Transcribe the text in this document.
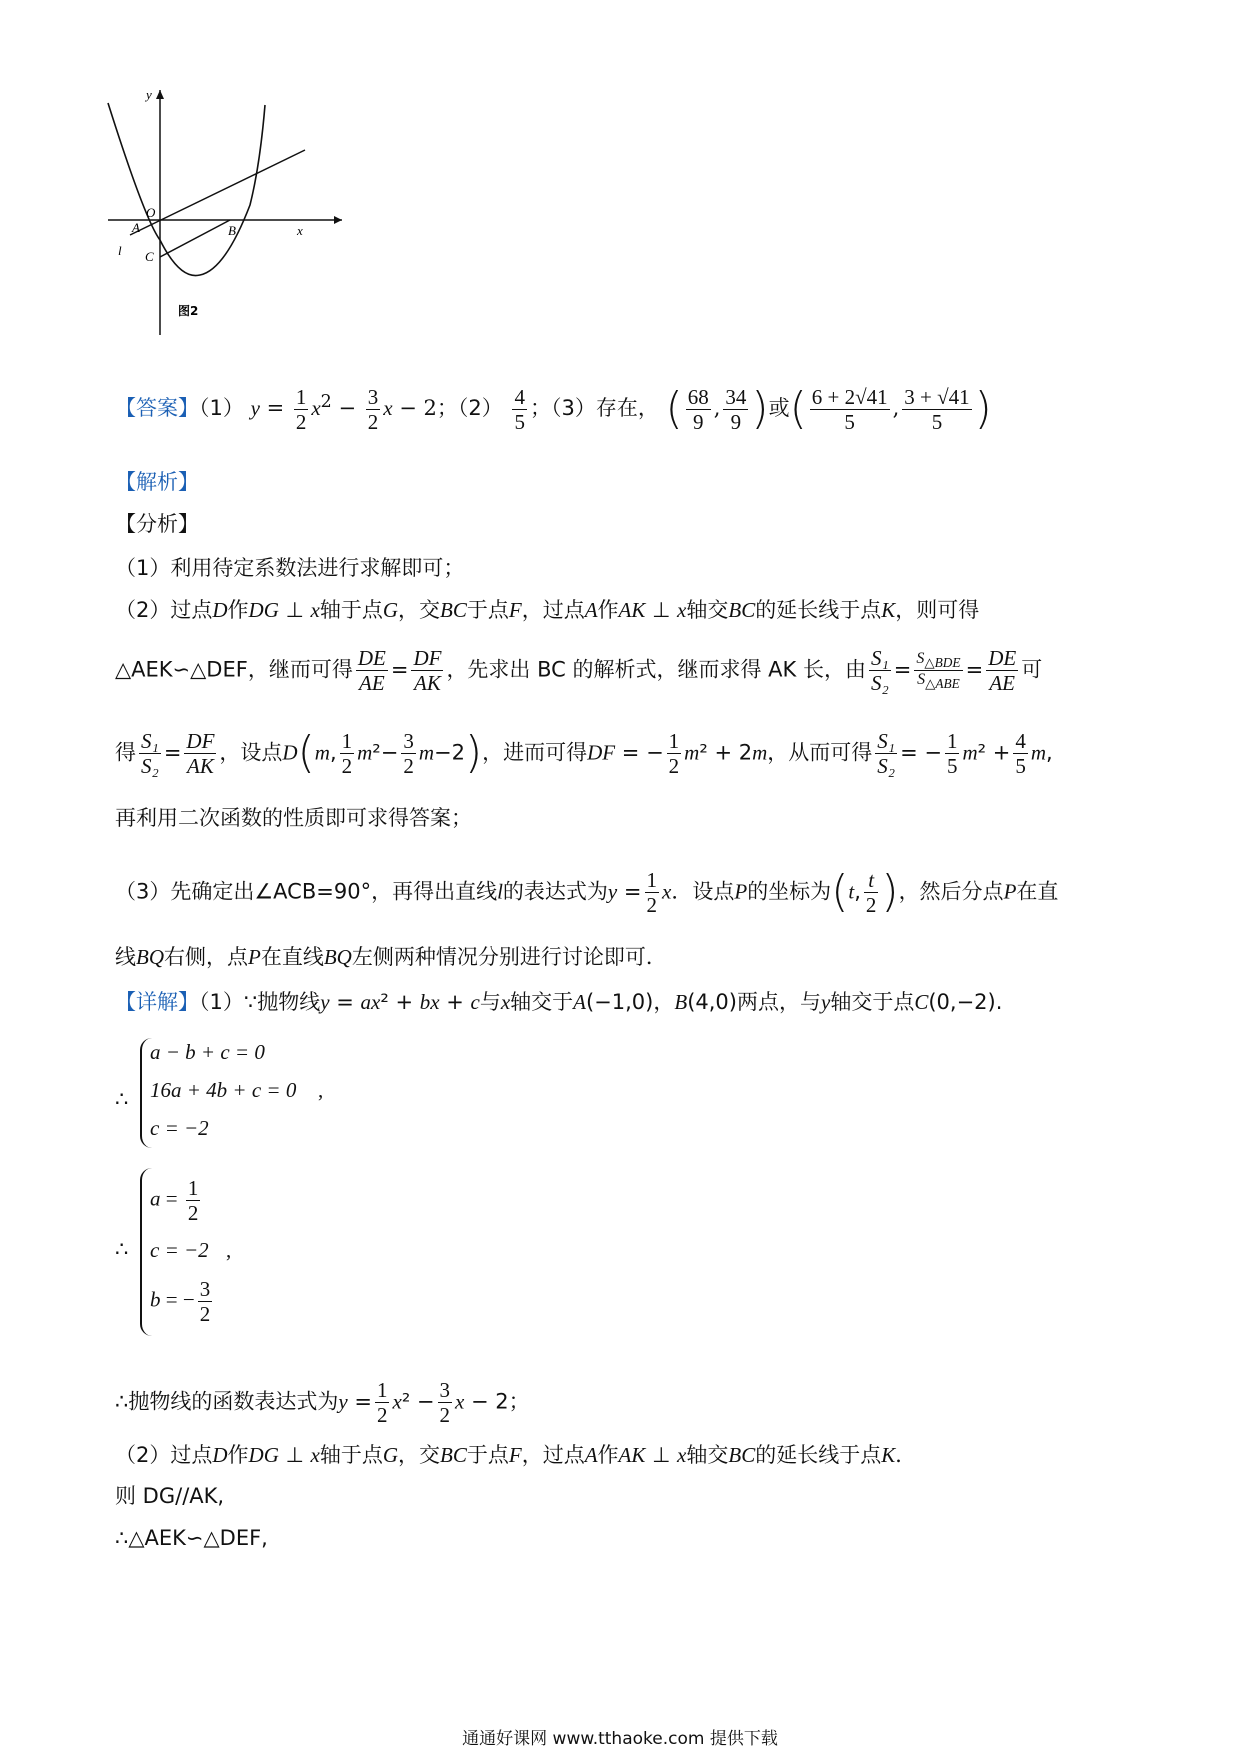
y
x
O
A	B
C
l
图2
【答案】（1） $y = \frac{1}{2} x^2 - \frac{3}{2}$ x − 2；$(2) \frac{4}{5}$ ；（3）存在， ( $\frac{68}{9}$ , $\frac{34}{9}$ )或( $\frac{6 + 2√41}{5}$ , $\frac{3 + √41}{5}$ )
【解析】
【分析】
（1）利用待定系数法进行求解即可；
（2）过点D作DG ⊥ x轴于点G，交BC于点F，过点A作AK ⊥ x轴交BC的延长线于点K，则可得
△AEK∽△DEF，继而可得 $\frac{DE}{AE} = \frac{DF}{AK}$ ，先求出 BC 的解析式，继而求得 AK 长，由 $\frac{\text{S₁}}{\text{S₂}} = \frac{S_{\triangle BDE}}{S_{\triangle ABE}} = \frac{DE}{AE}$ 可
得 $\frac{\text{S₁}}{\text{S₂}} = \frac{DF}{AK}$ ，设点D(m, $\frac{1}{2} m^2- \frac{3}{2} m-2$)，进而可得DF = − $\frac{1}{2} m^2 + 2m$，从而可得 $\frac{\text{S₁}}{\text{S₂}}$ = − $\frac{1}{5} m^2 + \frac{4}{5} m$,
再利用二次函数的性质即可求得答案；
（3）先确定出∠ACB=90°，再得出直线l的表达式为$y = \frac{1}{2}$ x．设点P的坐标为(t, $\frac{t}{2}$ )，然后分点P在直
线BQ右侧，点P在直线BQ左侧两种情况分别进行讨论即可．
【详解】（1）∵抛物线y = ax² + bx + c与x轴交于A(−1,0)，B(4,0)两点，与y轴交于点C(0,−2).
∴
a − b + c = 0
16a + 4b + c = 0 ,
c = −2
∴
$a = \frac{1}{2}$
c = −2 ,
b = − $\frac{3}{2}$
∴抛物线的函数表达式为$y = \frac{1}{2} x^2 - \frac{3}{2}$ x − 2；
（2）过点D作DG ⊥ x轴于点G，交BC于点F，过点A作AK ⊥ x轴交BC的延长线于点K．
则 DG//AK,
∴△AEK∽△DEF,
通通好课网 www.tthaoke.com 提供下载
